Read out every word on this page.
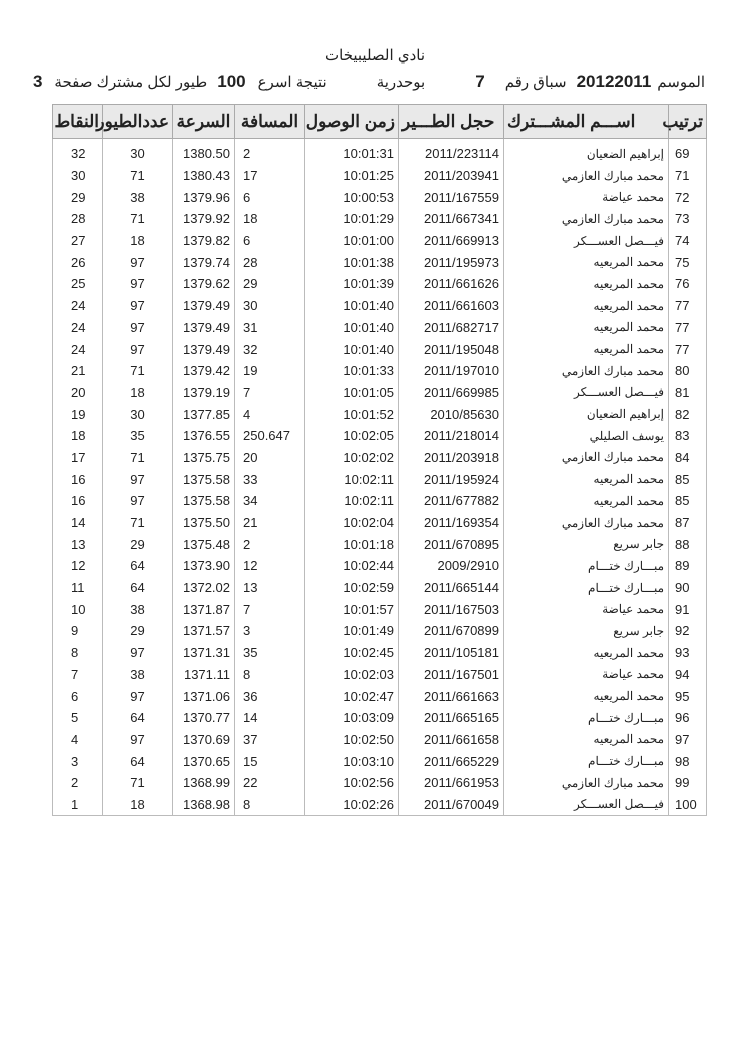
نادي الصليبيخات
الموسم
20122011
سباق رقم
7
بوحدرية
نتيجة اسرع
100
طيور لكل مشترك صفحة
3
ترتيب	اســـم المشـــترك	حجل الطـــير	زمن الوصول	المسافة	السرعة	عددالطيور	النقاط
69	إبراهيم الضعيان	2011/223114	10:01:31	2	1380.50	30	32
71	محمد مبارك العازمي	2011/203941	10:01:25	17	1380.43	71	30
72	محمد عياضة	2011/167559	10:00:53	6	1379.96	38	29
73	محمد مبارك العازمي	2011/667341	10:01:29	18	1379.92	71	28
74	فيـــصل العســـكر	2011/669913	10:01:00	6	1379.82	18	27
75	محمد المريعيه	2011/195973	10:01:38	28	1379.74	97	26
76	محمد المريعيه	2011/661626	10:01:39	29	1379.62	97	25
77	محمد المريعيه	2011/661603	10:01:40	30	1379.49	97	24
77	محمد المريعيه	2011/682717	10:01:40	31	1379.49	97	24
77	محمد المريعيه	2011/195048	10:01:40	32	1379.49	97	24
80	محمد مبارك العازمي	2011/197010	10:01:33	19	1379.42	71	21
81	فيـــصل العســـكر	2011/669985	10:01:05	7	1379.19	18	20
82	إبراهيم الضعيان	2010/85630	10:01:52	4	1377.85	30	19
83	يوسف الصليلي	2011/218014	10:02:05	250.647	1376.55	35	18
84	محمد مبارك العازمي	2011/203918	10:02:02	20	1375.75	71	17
85	محمد المريعيه	2011/195924	10:02:11	33	1375.58	97	16
85	محمد المريعيه	2011/677882	10:02:11	34	1375.58	97	16
87	محمد مبارك العازمي	2011/169354	10:02:04	21	1375.50	71	14
88	جابر سريع	2011/670895	10:01:18	2	1375.48	29	13
89	مبـــارك ختـــام	2009/2910	10:02:44	12	1373.90	64	12
90	مبـــارك ختـــام	2011/665144	10:02:59	13	1372.02	64	11
91	محمد عياضة	2011/167503	10:01:57	7	1371.87	38	10
92	جابر سريع	2011/670899	10:01:49	3	1371.57	29	9
93	محمد المريعيه	2011/105181	10:02:45	35	1371.31	97	8
94	محمد عياضة	2011/167501	10:02:03	8	1371.11	38	7
95	محمد المريعيه	2011/661663	10:02:47	36	1371.06	97	6
96	مبـــارك ختـــام	2011/665165	10:03:09	14	1370.77	64	5
97	محمد المريعيه	2011/661658	10:02:50	37	1370.69	97	4
98	مبـــارك ختـــام	2011/665229	10:03:10	15	1370.65	64	3
99	محمد مبارك العازمي	2011/661953	10:02:56	22	1368.99	71	2
100	فيـــصل العســـكر	2011/670049	10:02:26	8	1368.98	18	1
